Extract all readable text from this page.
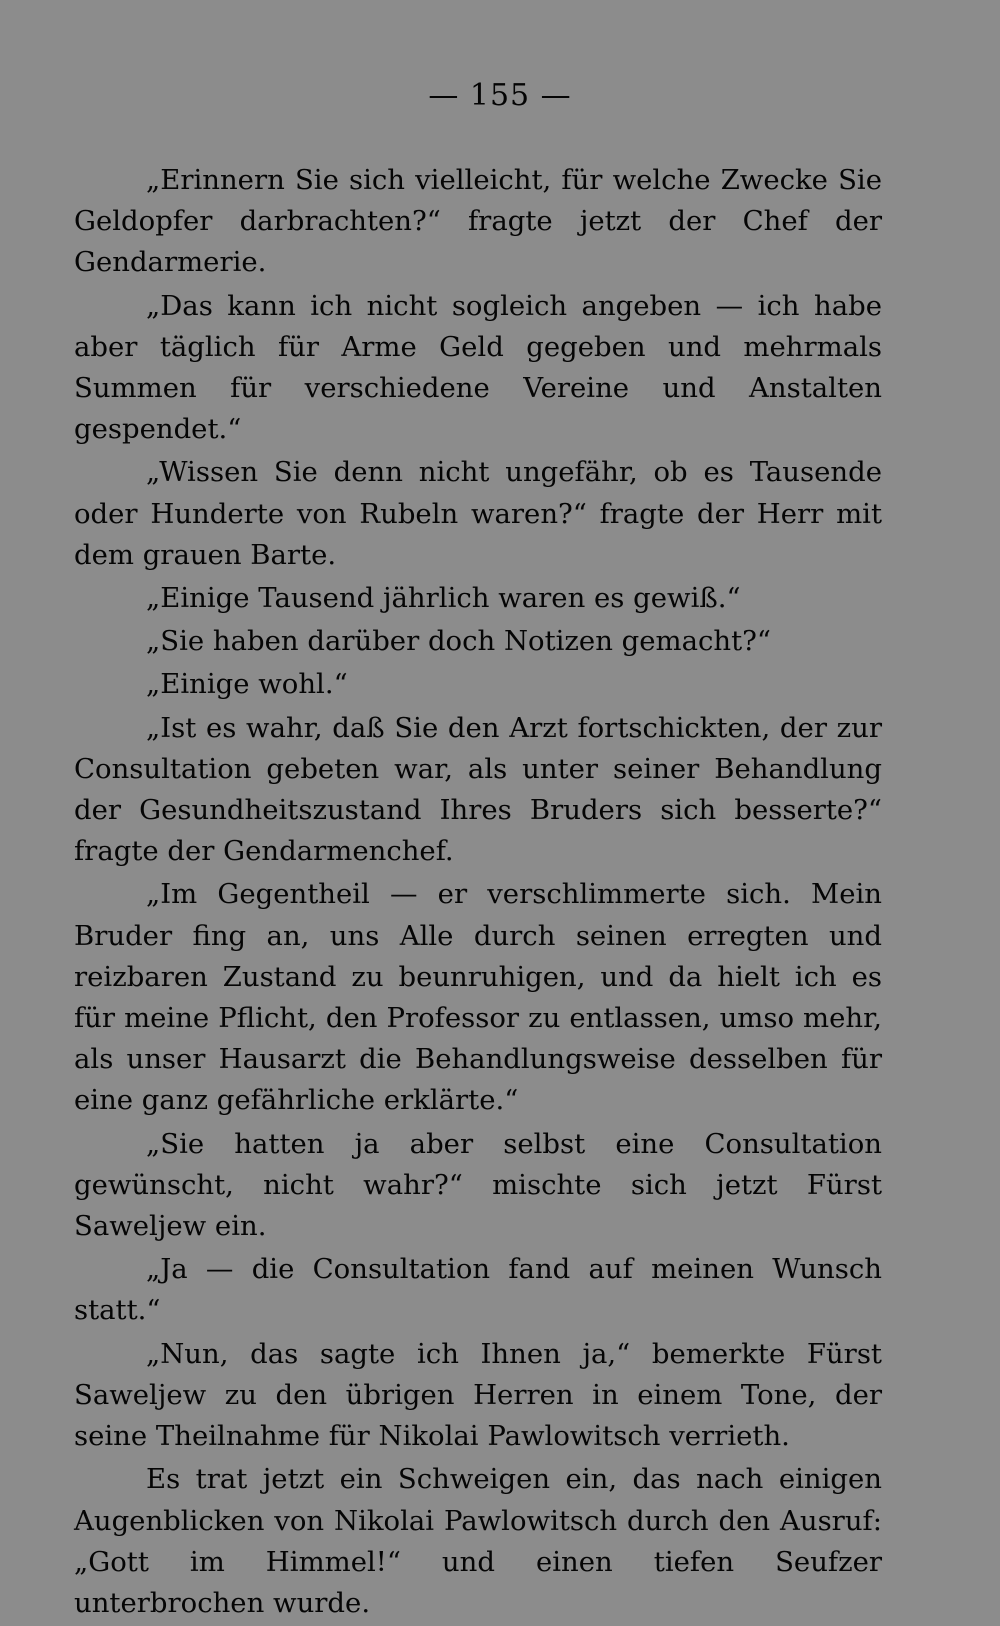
— 155 —

„Erinnern Sie sich vielleicht, für welche Zwecke Sie Geldopfer darbrachten?“ fragte jetzt der Chef der Gendarmerie.

„Das kann ich nicht sogleich angeben — ich habe aber täglich für Arme Geld gegeben und mehrmals Summen für verschiedene Vereine und Anstalten gespendet.“

„Wissen Sie denn nicht ungefähr, ob es Tausende oder Hunderte von Rubeln waren?“ fragte der Herr mit dem grauen Barte.

„Einige Tausend jährlich waren es gewiß.“

„Sie haben darüber doch Notizen gemacht?“

„Einige wohl.“

„Ist es wahr, daß Sie den Arzt fortschickten, der zur Consultation gebeten war, als unter seiner Behandlung der Gesundheitszustand Ihres Bruders sich besserte?“ fragte der Gendarmenchef.

„Im Gegentheil — er verschlimmerte sich. Mein Bruder fing an, uns Alle durch seinen erregten und reizbaren Zustand zu beunruhigen, und da hielt ich es für meine Pflicht, den Professor zu entlassen, umso mehr, als unser Hausarzt die Behandlungsweise desselben für eine ganz gefährliche erklärte.“

„Sie hatten ja aber selbst eine Consultation gewünscht, nicht wahr?“ mischte sich jetzt Fürst Saweljew ein.

„Ja — die Consultation fand auf meinen Wunsch statt.“

„Nun, das sagte ich Ihnen ja,“ bemerkte Fürst Saweljew zu den übrigen Herren in einem Tone, der seine Theilnahme für Nikolai Pawlowitsch verrieth.

Es trat jetzt ein Schweigen ein, das nach einigen Augenblicken von Nikolai Pawlowitsch durch den Ausruf: „Gott im Himmel!“ und einen tiefen Seufzer unterbrochen wurde.
